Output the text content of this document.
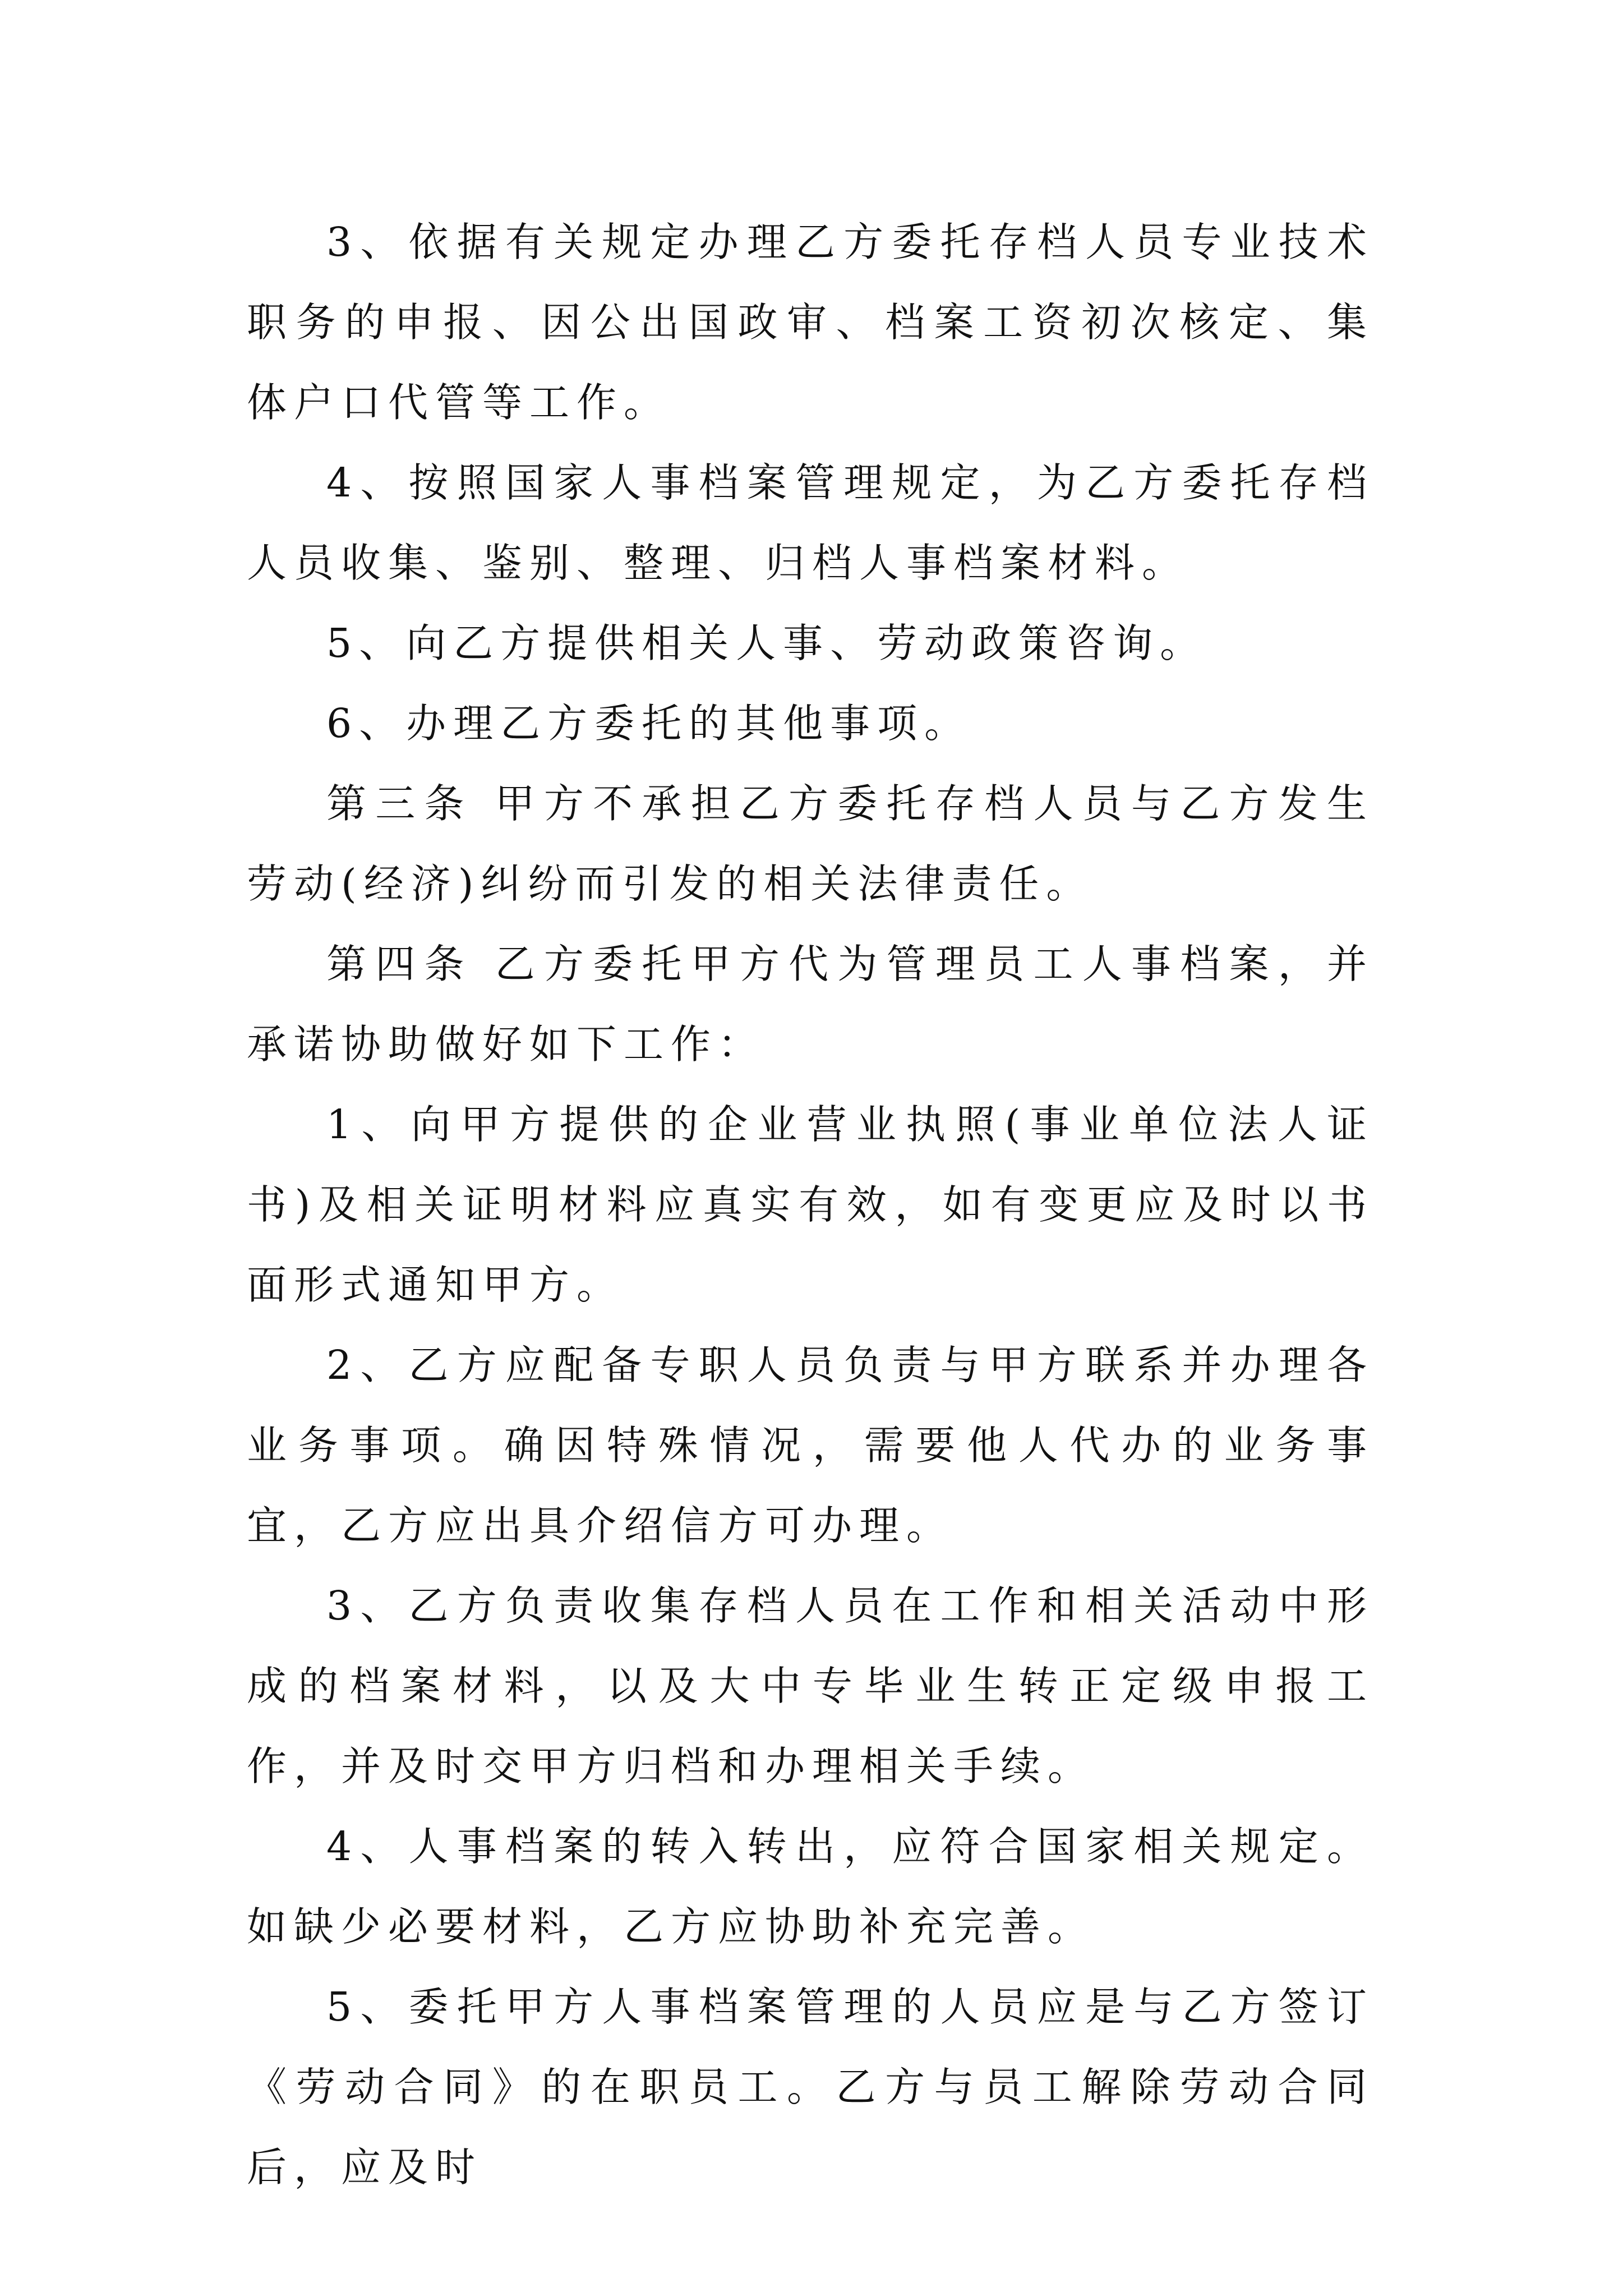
3、依据有关规定办理乙方委托存档人员专业技术职务的申报、因公出国政审、档案工资初次核定、集体户口代管等工作。

4、按照国家人事档案管理规定，为乙方委托存档人员收集、鉴别、整理、归档人事档案材料。

5、向乙方提供相关人事、劳动政策咨询。

6、办理乙方委托的其他事项。

第三条 甲方不承担乙方委托存档人员与乙方发生劳动(经济)纠纷而引发的相关法律责任。

第四条 乙方委托甲方代为管理员工人事档案，并承诺协助做好如下工作：

1、向甲方提供的企业营业执照(事业单位法人证书)及相关证明材料应真实有效，如有变更应及时以书面形式通知甲方。

2、乙方应配备专职人员负责与甲方联系并办理各业务事项。确因特殊情况，需要他人代办的业务事宜，乙方应出具介绍信方可办理。

3、乙方负责收集存档人员在工作和相关活动中形成的档案材料，以及大中专毕业生转正定级申报工作，并及时交甲方归档和办理相关手续。

4、人事档案的转入转出，应符合国家相关规定。如缺少必要材料，乙方应协助补充完善。

5、委托甲方人事档案管理的人员应是与乙方签订《劳动合同》的在职员工。乙方与员工解除劳动合同后，应及时
